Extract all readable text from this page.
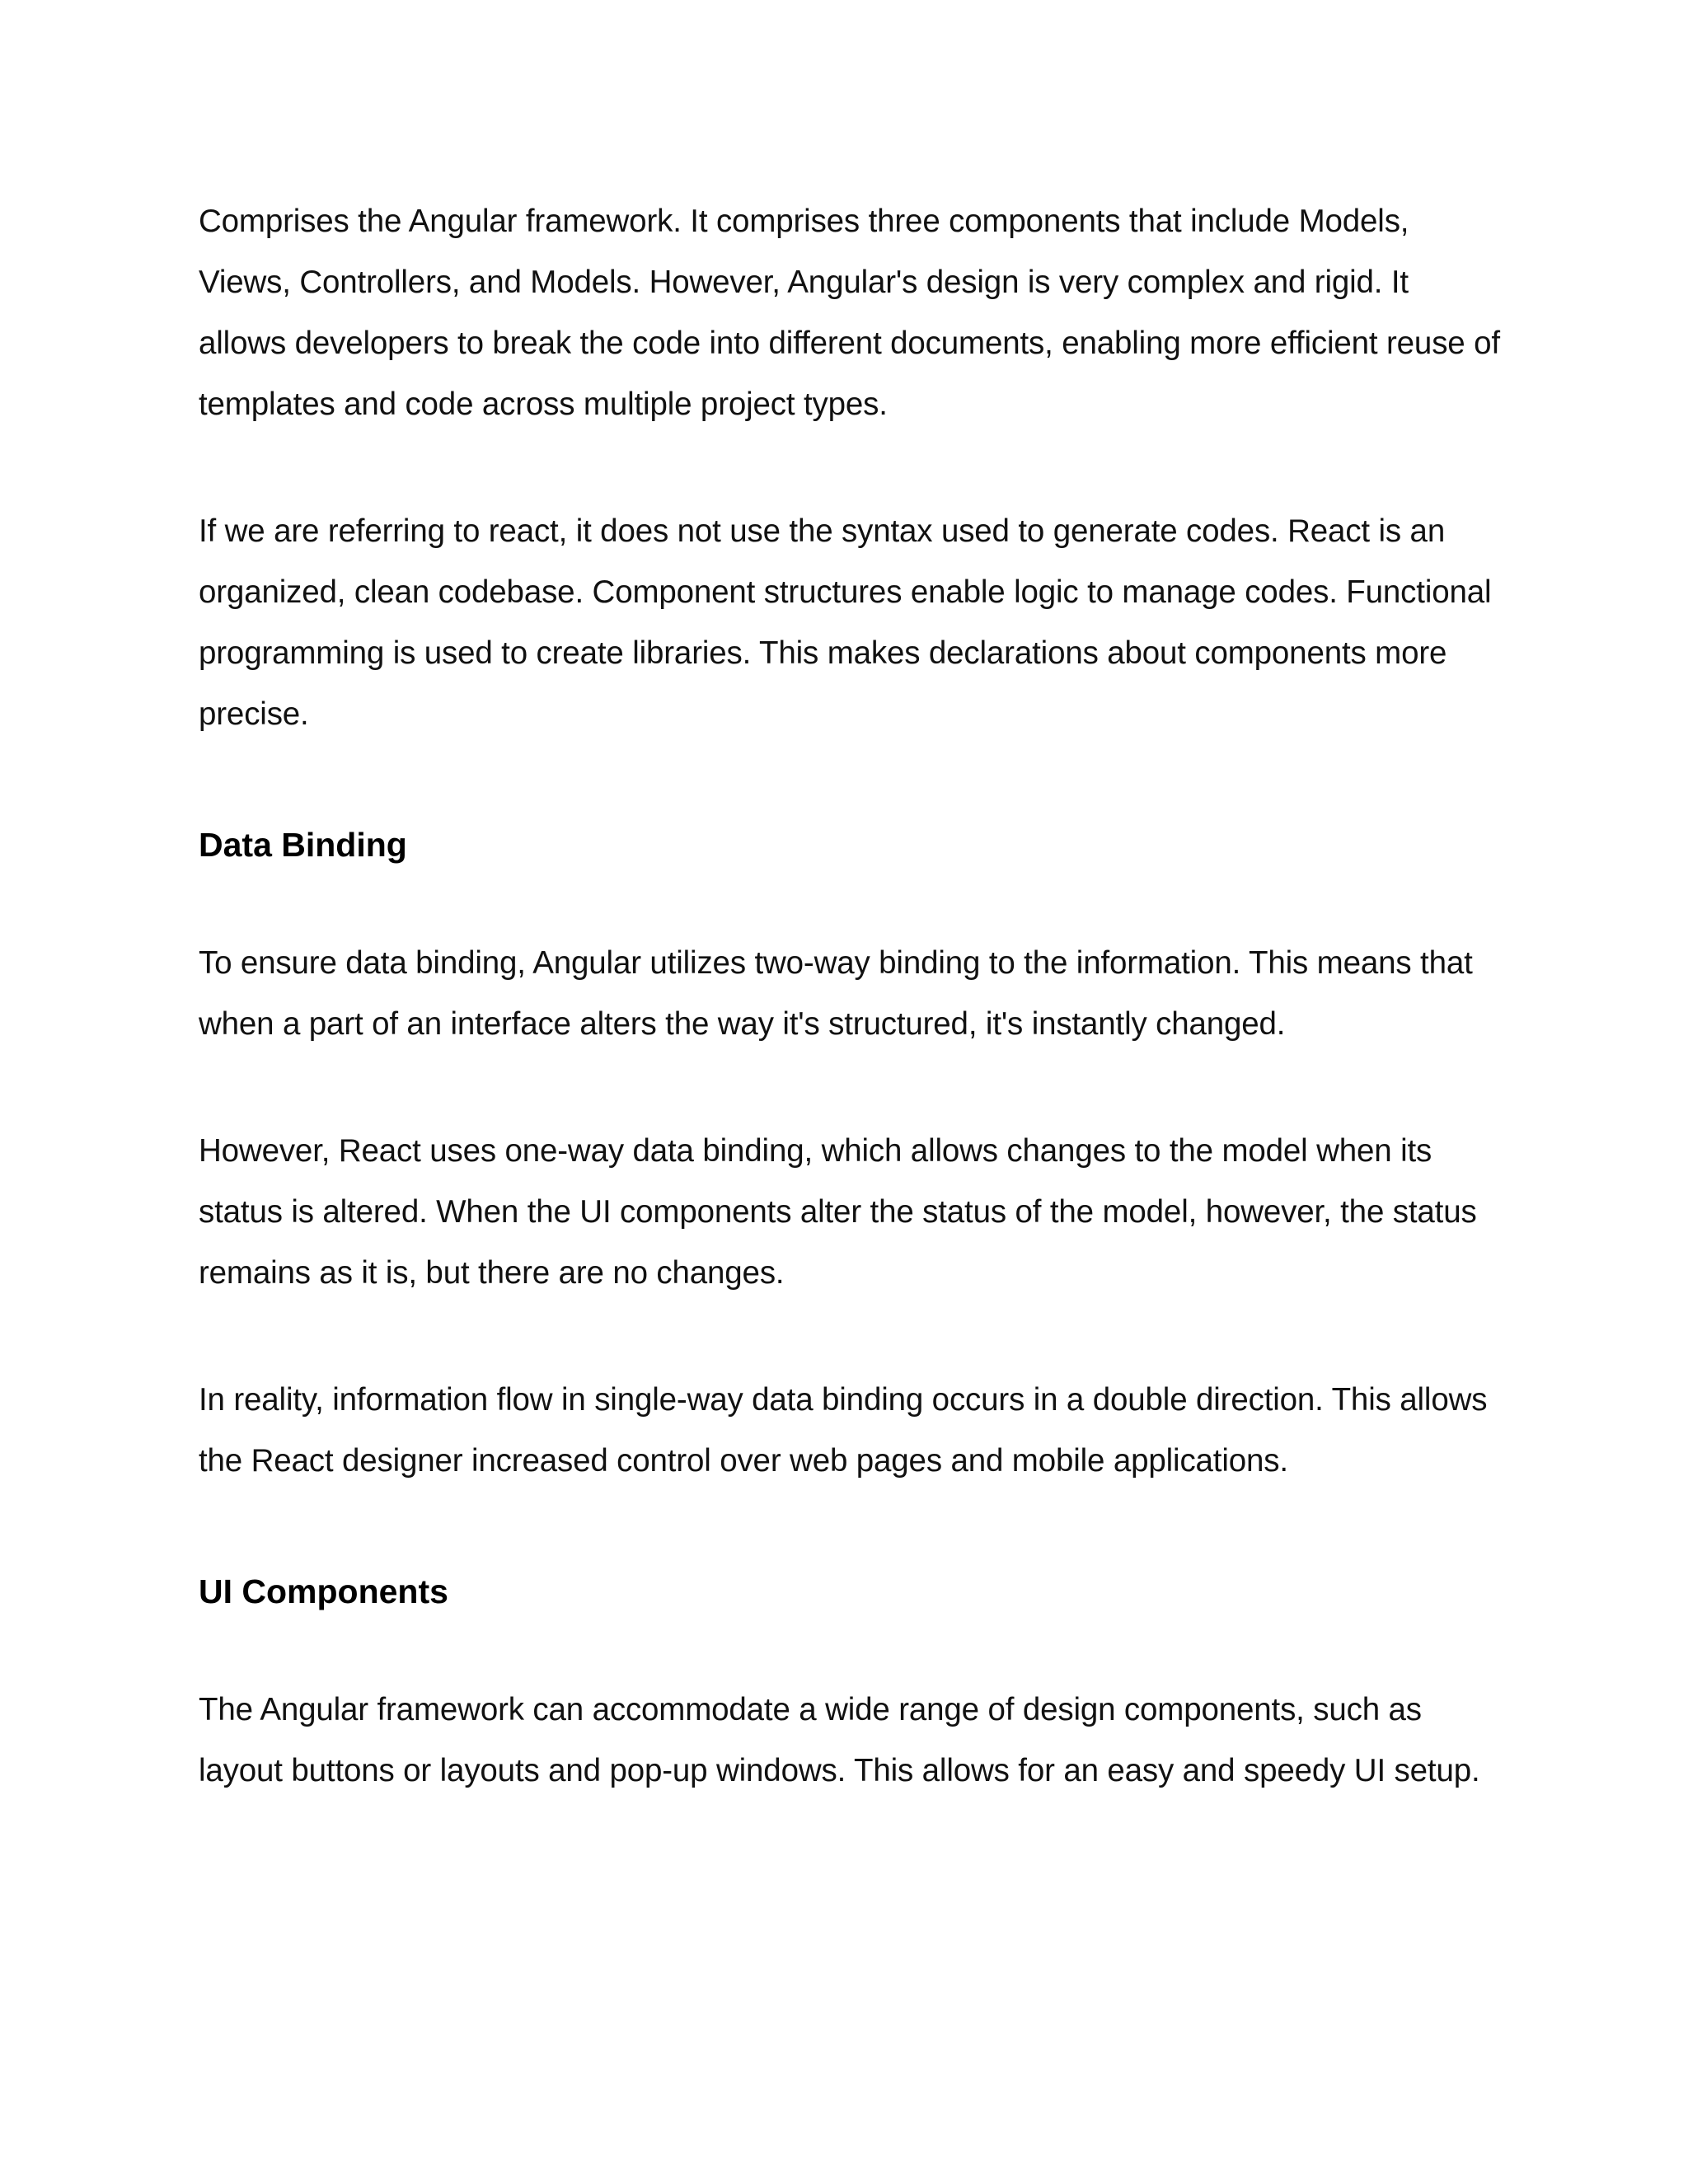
Comprises the Angular framework. It comprises three components that include Models, Views, Controllers, and Models. However, Angular's design is very complex and rigid. It allows developers to break the code into different documents, enabling more efficient reuse of templates and code across multiple project types.

If we are referring to react, it does not use the syntax used to generate codes. React is an organized, clean codebase. Component structures enable logic to manage codes. Functional programming is used to create libraries. This makes declarations about components more precise.

Data Binding

To ensure data binding, Angular utilizes two-way binding to the information. This means that when a part of an interface alters the way it's structured, it's instantly changed.

However, React uses one-way data binding, which allows changes to the model when its status is altered. When the UI components alter the status of the model, however, the status remains as it is, but there are no changes.

In reality, information flow in single-way data binding occurs in a double direction. This allows the React designer increased control over web pages and mobile applications.

UI Components

The Angular framework can accommodate a wide range of design components, such as layout buttons or layouts and pop-up windows. This allows for an easy and speedy UI setup.
